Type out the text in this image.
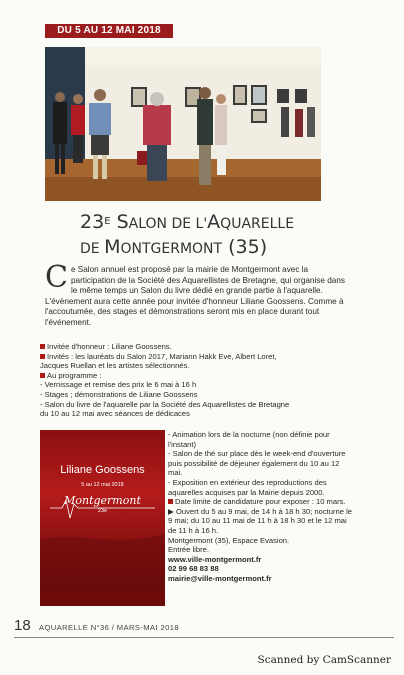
DU 5 AU 12 MAI 2018
$23^E$ SALON DE L'AQUARELLE
DE MONTGERMONT (35)
Ce Salon annuel est proposé par la mairie de Montgermont avec la participation de la Société des Aquarellistes de Bretagne, qui organise dans le même temps un Salon du livre dédié en grande partie à l'aquarelle. L'évènement aura cette année pour invitée d'honneur Liliane Goossens. Comme à l'accoutumée, des stages et démonstrations seront mis en place durant tout l'événement.

Invitée d'honneur : Liliane Goossens.

Invités : les lauréats du Salon 2017, Mariann Hakk Eve, Albert Loret,

Jacques Ruellan et les artistes sélectionnés.

Au programme :

- Vernissage et remise des prix le 6 mai à 16 h

- Stages ; démonstrations de Liliane Goossens

- Salon du livre de l'aquarelle par la Société des Aquarellistes de Bretagne

du 10 au 12 mai avec séances de dédicaces

Liliane Goossens
5 au 12 mai 2018
Montgermont
23e

- Animation lors de la nocturne (non définie pour l'instant)

- Salon de thé sur place dès le week-end d'ouverture puis possibilité de déjeuner également du 10 au 12 mai.

- Exposition en extérieur des reproductions des aquarelles acquises par la Mairie depuis 2000.

Date limite de candidature pour exposer : 10 mars.

▶ Ouvert du 5 au 9 mai, de 14 h à 18 h 30; nocturne le 9 mai; du 10 au 11 mai de 11 h à 18 h 30 et le 12 mai de 11 h à 16 h.

Montgermont (35), Espace Evasion.

Entrée libre.

www.ville-montgermont.fr

02 99 68 83 88

mairie@ville-montgermont.fr

18 AQUARELLE N°36 / MARS-MAI 2018
Scanned by CamScanner
